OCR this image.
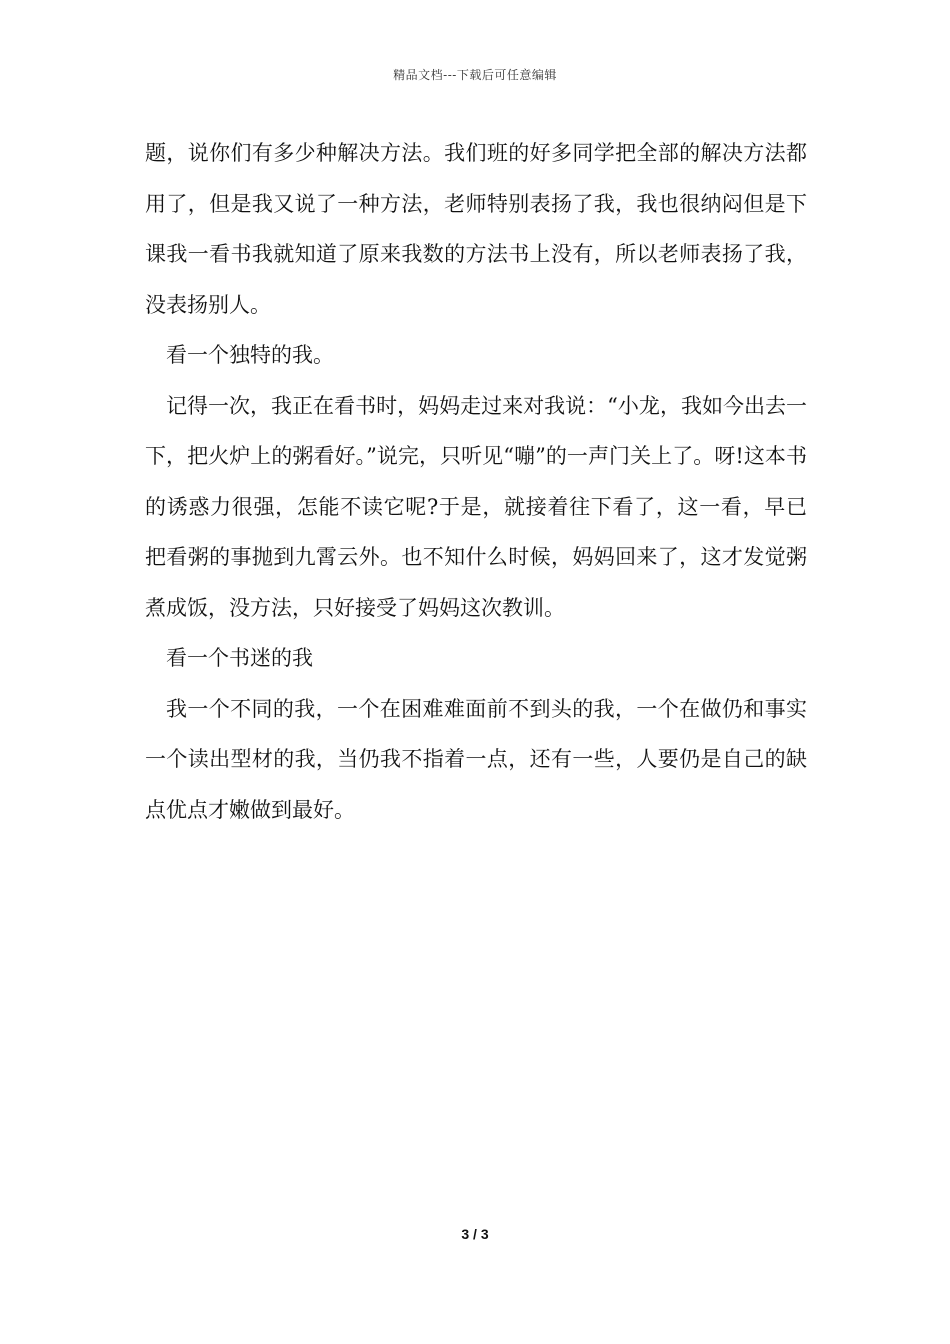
精品文档---下载后可任意编辑

题，说你们有多少种解决方法。我们班的好多同学把全部的解决方法都用了，但是我又说了一种方法，老师特别表扬了我，我也很纳闷但是下课我一看书我就知道了原来我数的方法书上没有，所以老师表扬了我，没表扬别人。

看一个独特的我。

记得一次，我正在看书时，妈妈走过来对我说：“小龙，我如今出去一下，把火炉上的粥看好。”说完，只听见“嘣”的一声门关上了。呀!这本书的诱惑力很强，怎能不读它呢?于是，就接着往下看了，这一看，早已把看粥的事抛到九霄云外。也不知什么时候，妈妈回来了，这才发觉粥煮成饭，没方法，只好接受了妈妈这次教训。

看一个书迷的我

我一个不同的我，一个在困难难面前不到头的我，一个在做仍和事实一个读出型材的我，当仍我不指着一点，还有一些，人要仍是自己的缺点优点才嫩做到最好。

3 / 3
